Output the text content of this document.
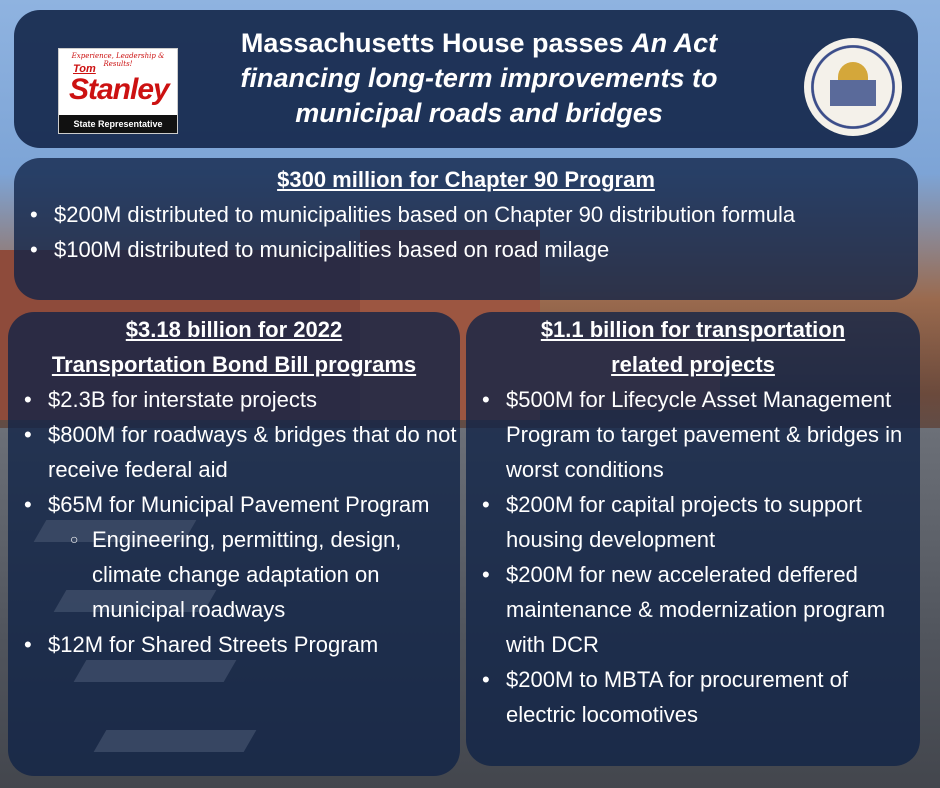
Experience, Leadership & Results!
Tom
Stanley
State Representative
Massachusetts House passes An Act
financing long-term improvements to
municipal roads and bridges

$300 million for Chapter 90 Program

• $200M distributed to municipalities based on Chapter 90 distribution formula
• $100M distributed to municipalities based on road milage

$3.18 billion for 2022

Transportation Bond Bill programs

• $2.3B for interstate projects
• $800M for roadways & bridges that do not receive federal aid
• $65M for Municipal Pavement Program
○ Engineering, permitting, design, climate change adaptation on municipal roadways
• $12M for Shared Streets Program

$1.1 billion for transportation

related projects

• $500M for Lifecycle Asset Management Program to target pavement & bridges in worst conditions
• $200M for capital projects to support housing development
• $200M for new accelerated deffered maintenance & modernization program with DCR
• $200M to MBTA for procurement of electric locomotives
